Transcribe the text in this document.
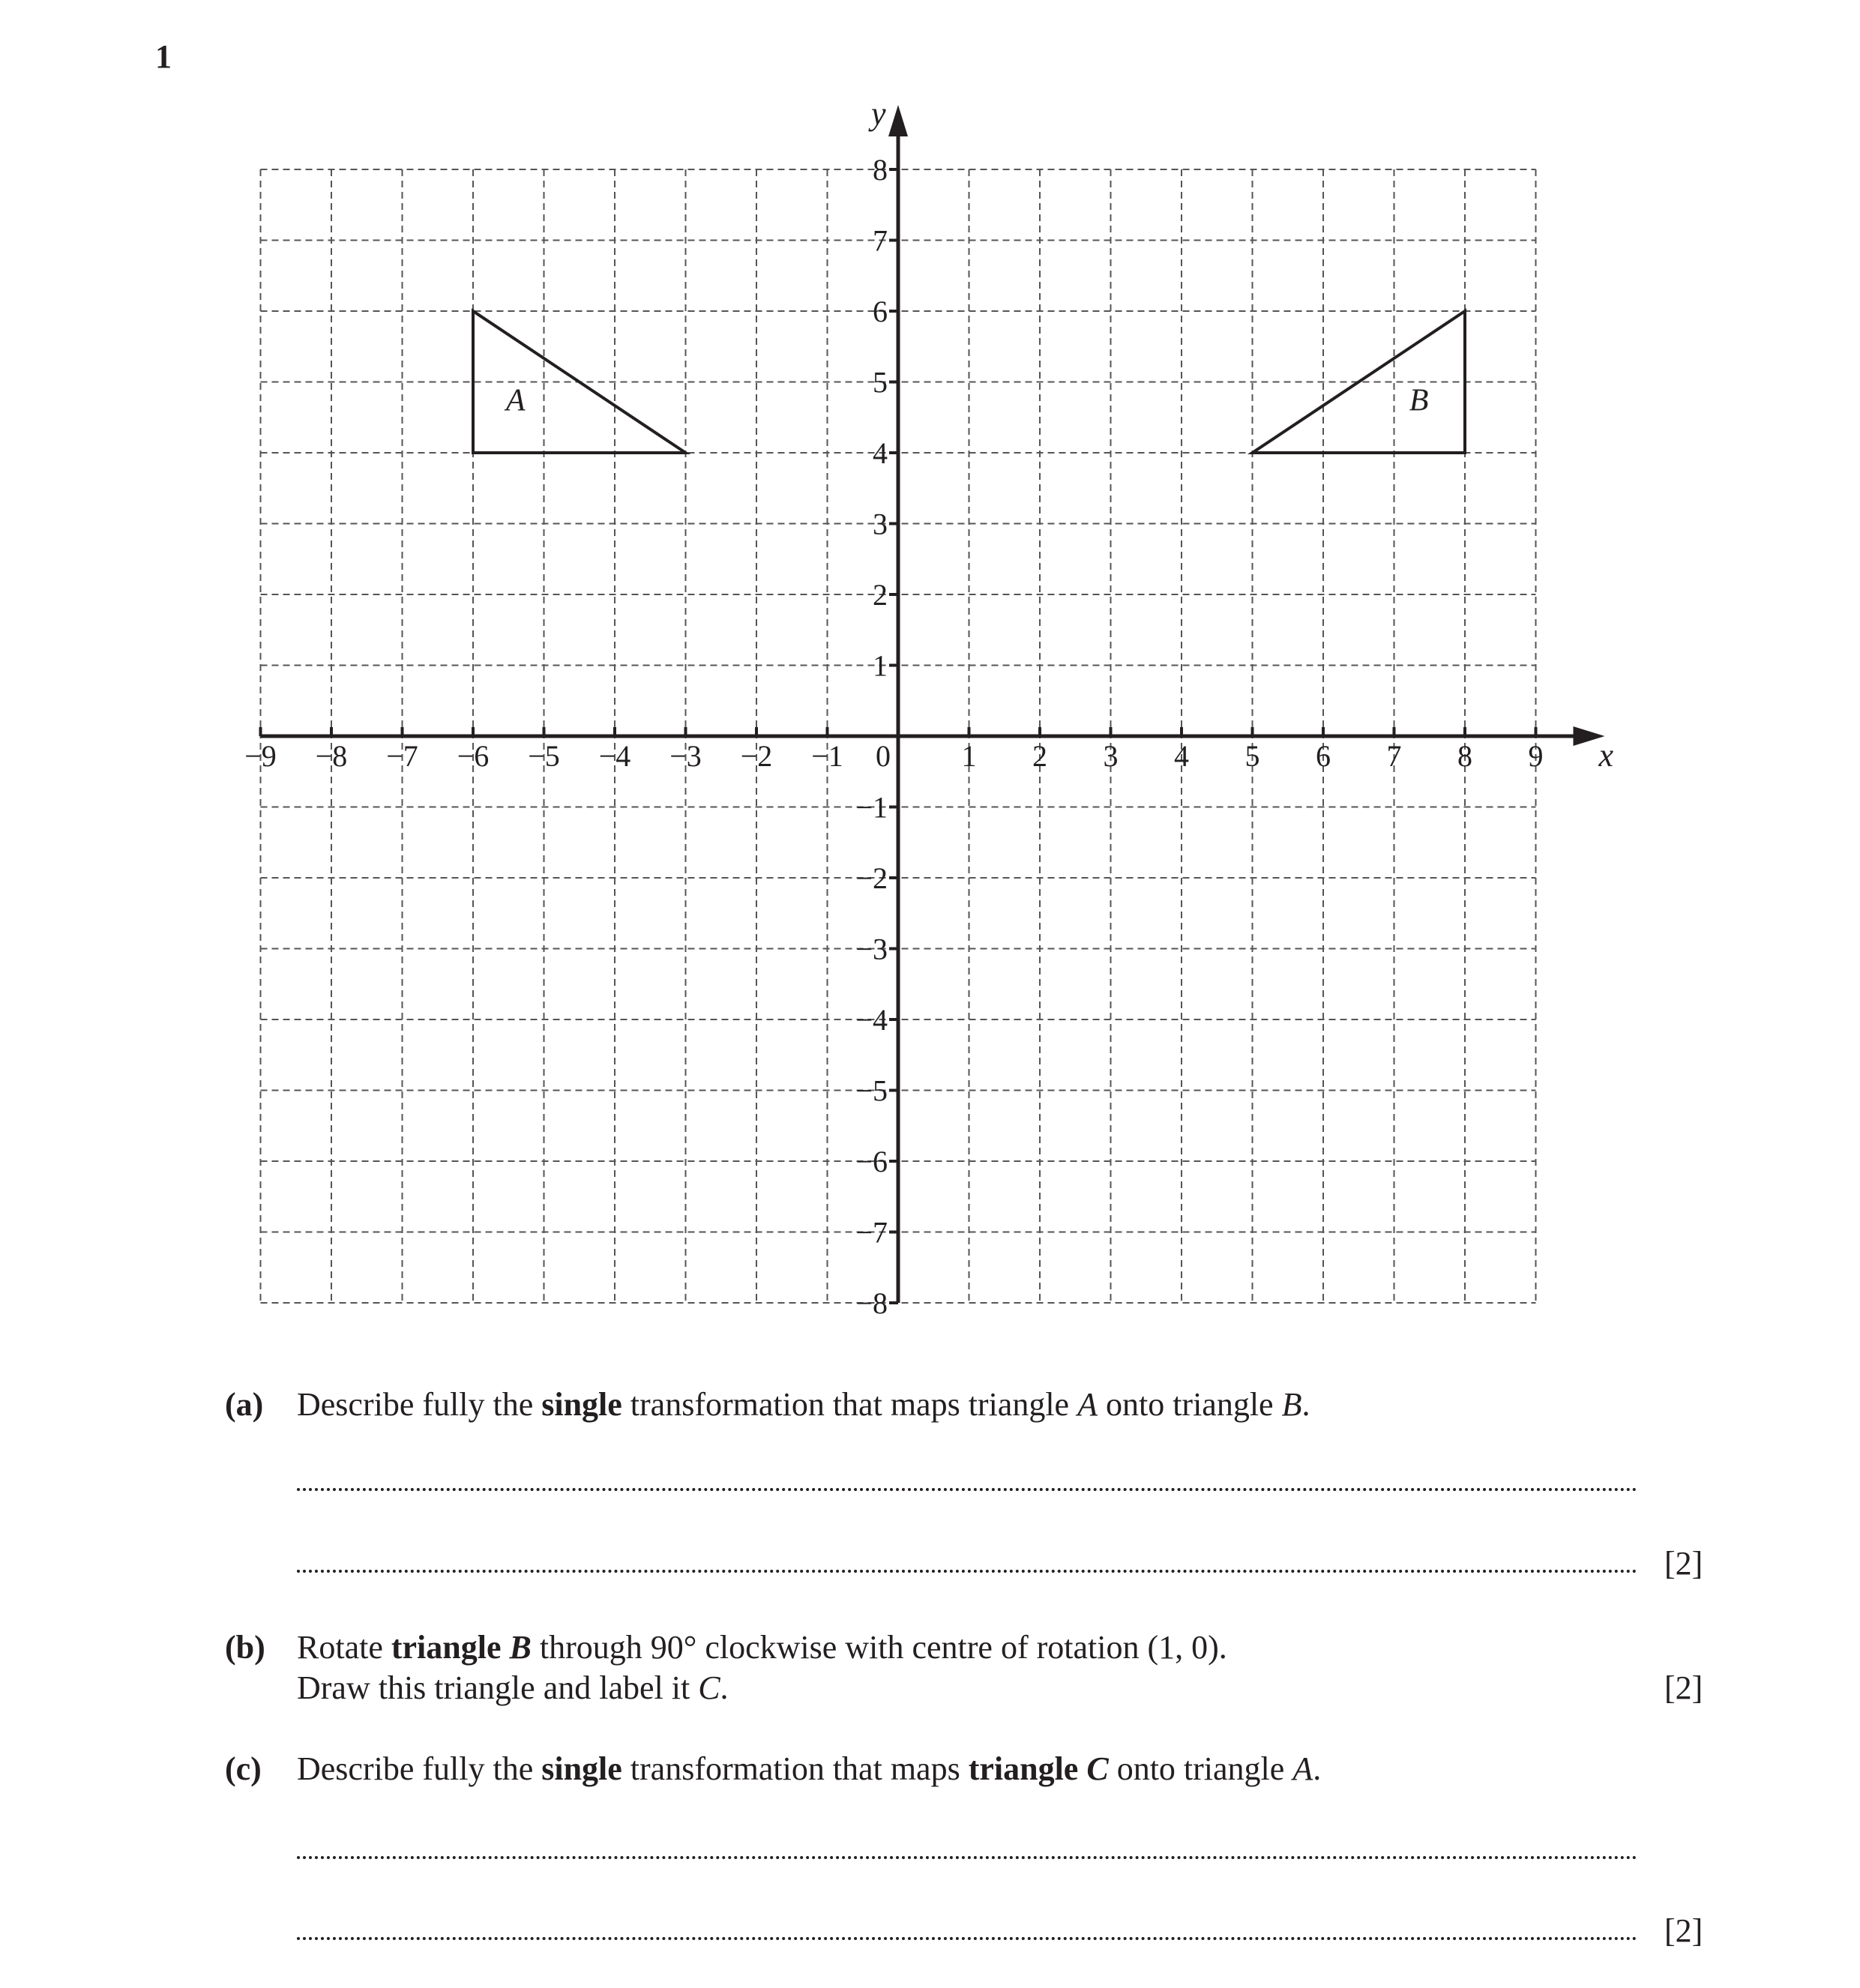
1
−9 −8 −7 −6 −5 −4 −3 −2 −1	1 2 3 4 5 6 7 8 9
−8
−7
−6
−5
−4
−3
−2
−1
1
2
3
4
5
6
7
8
0
A	B
x
y
(a) Describe fully the single transformation that maps triangle A onto triangle B.
[2]
(b) Rotate triangle B through 90° clockwise with centre of rotation (1, 0).
Draw this triangle and label it C.	[2]
(c) Describe fully the single transformation that maps triangle C onto triangle A.
[2]
